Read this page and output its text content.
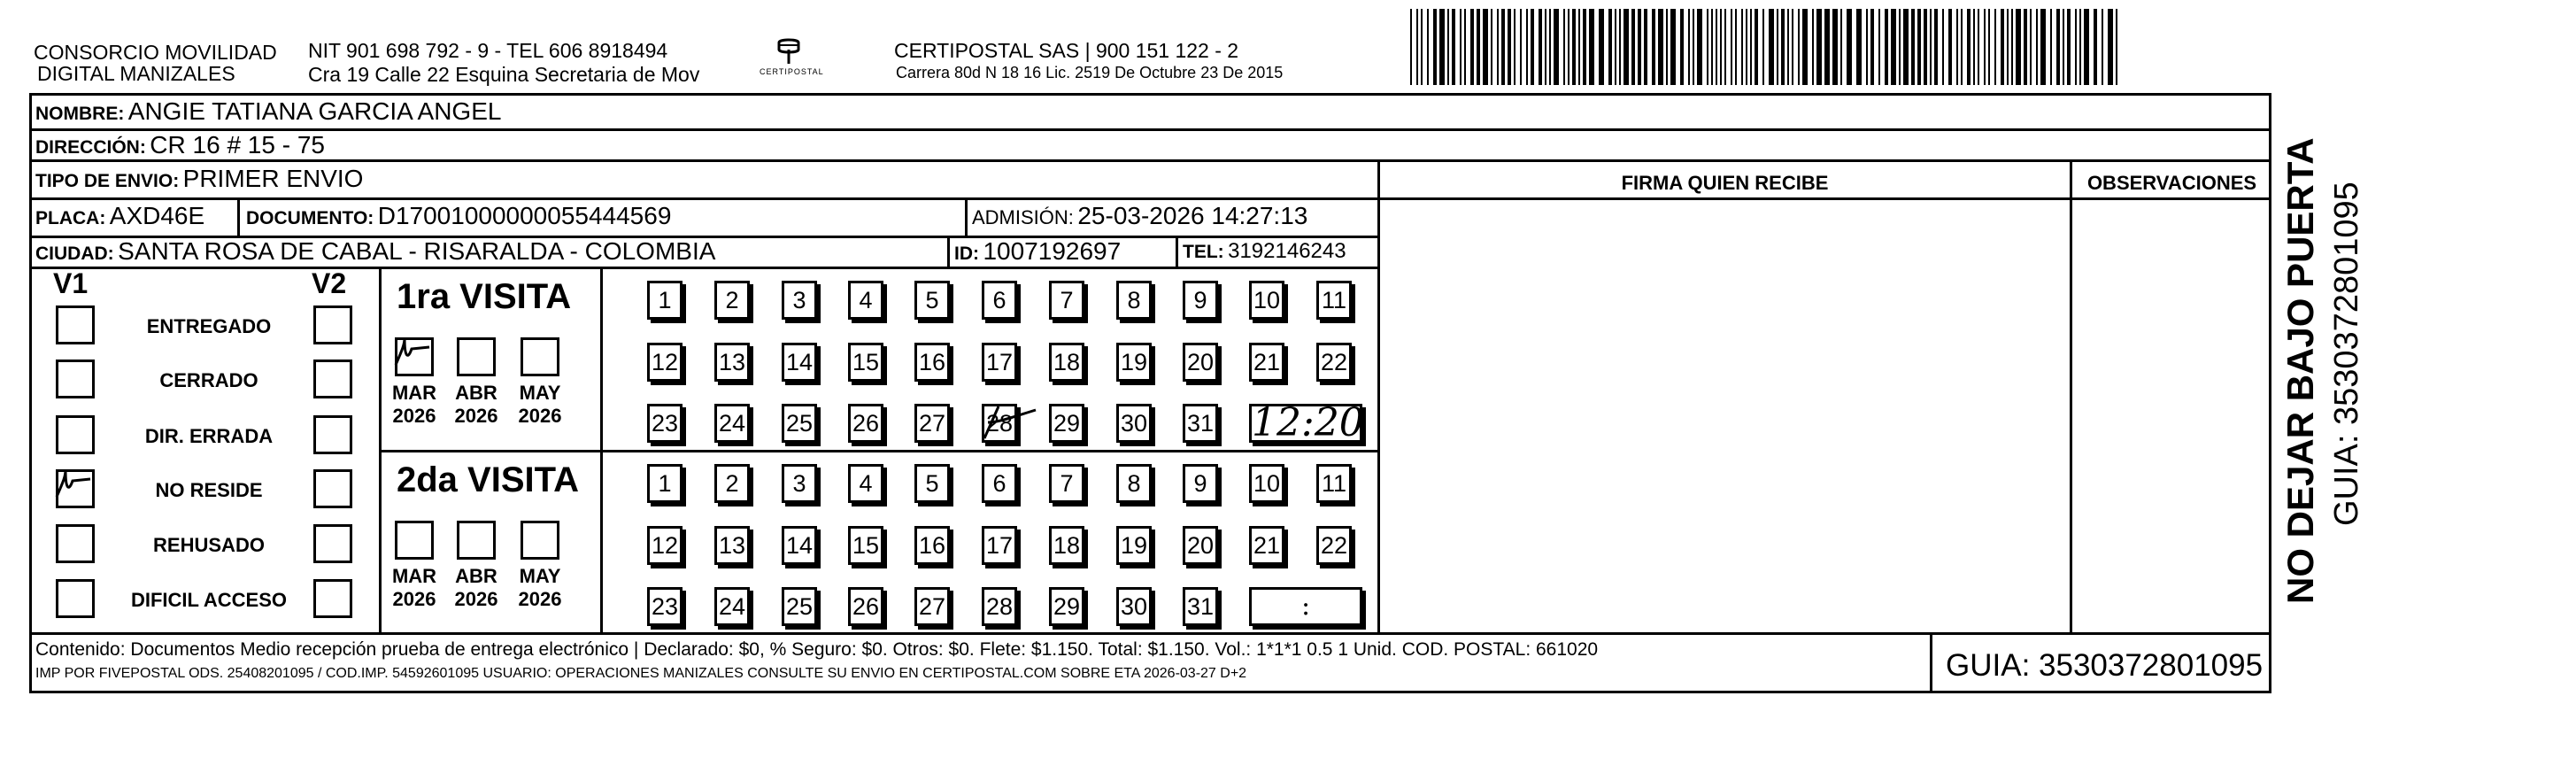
CONSORCIO MOVILIDAD
DIGITAL MANIZALES
NIT 901 698 792 - 9 - TEL 606 8918494
Cra 19 Calle 22 Esquina Secretaria de Mov	CERTIPOSTAL
CERTIPOSTAL SAS | 900 151 122 - 2
Carrera 80d N 18 16 Lic. 2519 De Octubre 23 De 2015
NOMBRE: ANGIE TATIANA GARCIA ANGEL
DIRECCIÓN: CR 16 # 15 - 75
TIPO DE ENVIO: PRIMER ENVIO
PLACA: AXD46E DOCUMENTO: D17001000000055444569	ADMISIÓN: 25-03-2026 14:27:13
CIUDAD: SANTA ROSA DE CABAL - RISARALDA - COLOMBIA	ID: 1007192697	TEL: 3192146243
FIRMA QUIEN RECIBE	OBSERVACIONES
V1	V2
ENTREGADO
CERRADO
DIR. ERRADA
NO RESIDE
REHUSADO
DIFICIL ACCESO
1ra VISITA
MAR
2026
ABR
2026
MAY
2026
1	2	3	4	5	6	7	8	9	10 11
12 13 14 15 16 17 18 19 20 21 22
23 24 25 26 27 28 29 30 31 12:20
2da VISITA
MAR
2026
ABR
2026
MAY
2026
1	2	3	4	5	6	7	8	9	10 11
12 13 14 15 16 17 18 19 20 21 22
23 24 25 26 27 28 29 30 31	:
NO DEJAR BAJO PUERTA GUIA: 3530372801095
Contenido: Documentos Medio recepción prueba de entrega electrónico | Declarado: $0, % Seguro: $0. Otros: $0. Flete: $1.150. Total: $1.150. Vol.: 1*1*1 0.5 1 Unid. COD. POSTAL: 661020
IMP POR FIVEPOSTAL ODS. 25408201095 / COD.IMP. 54592601095 USUARIO: OPERACIONES MANIZALES CONSULTE SU ENVIO EN CERTIPOSTAL.COM SOBRE ETA 2026-03-27 D+2	GUIA: 3530372801095
